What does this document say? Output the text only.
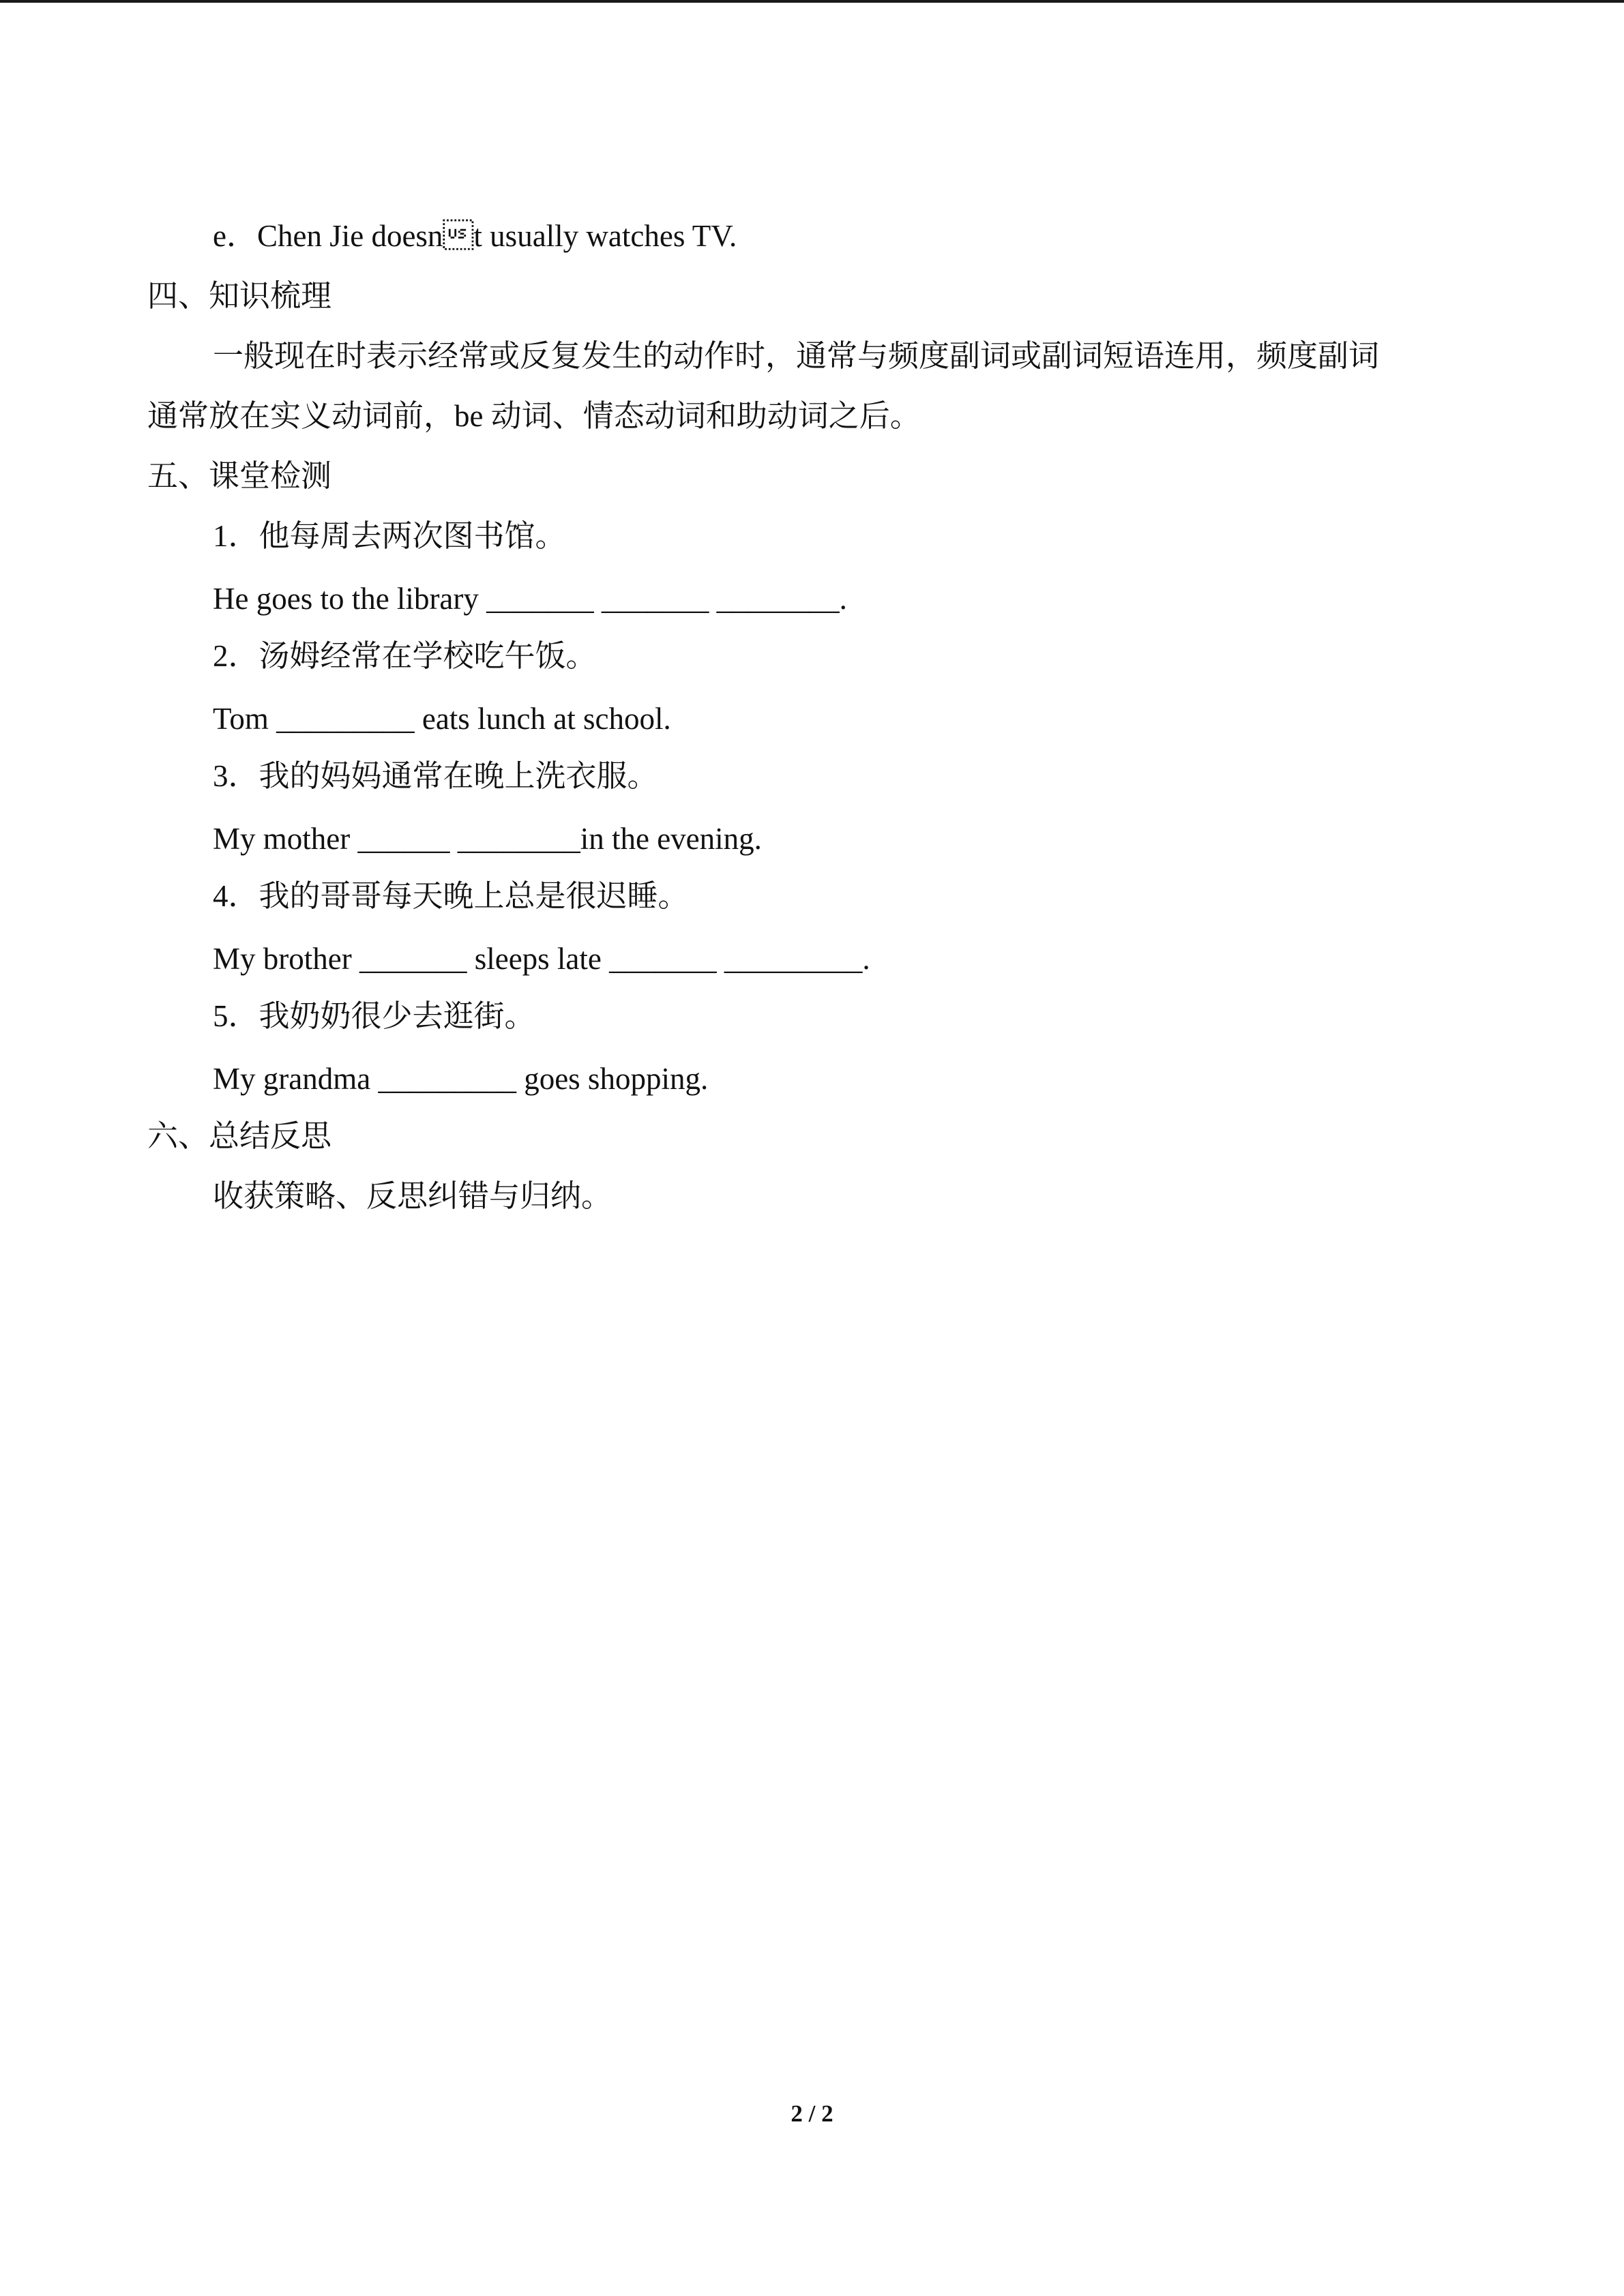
e．Chen Jie doesnt usually watches TV.
四、知识梳理
一般现在时表示经常或反复发生的动作时，通常与频度副词或副词短语连用，频度副词
通常放在实义动词前，be 动词、情态动词和助动词之后。
五、课堂检测
1．他每周去两次图书馆。
He goes to the library _______ _______ ________.
2．汤姆经常在学校吃午饭。
Tom _________ eats lunch at school.
3．我的妈妈通常在晚上洗衣服。
My mother ______ ________in the evening.
4．我的哥哥每天晚上总是很迟睡。
My brother _______ sleeps late _______ _________.
5．我奶奶很少去逛街。
My grandma _________ goes shopping.
六、总结反思
收获策略、反思纠错与归纳。
2 / 2
